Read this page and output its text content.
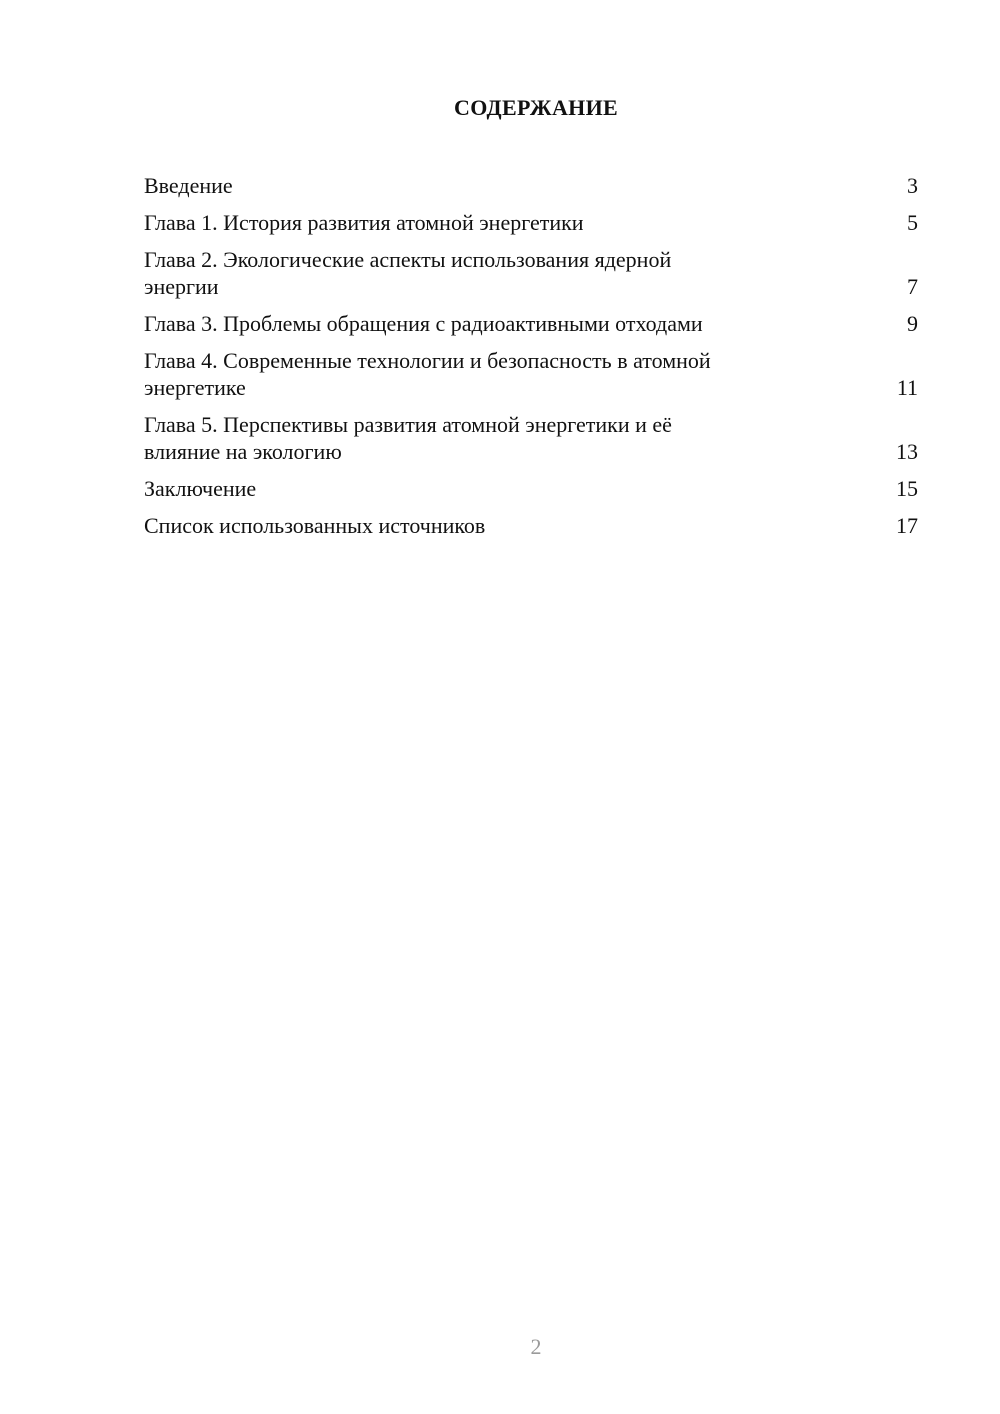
СОДЕРЖАНИЕ
Введение	3
Глава 1. История развития атомной энергетики	5
Глава 2. Экологические аспекты использования ядерной
энергии	7
Глава 3. Проблемы обращения с радиоактивными отходами	9
Глава 4. Современные технологии и безопасность в атомной
энергетике	11
Глава 5. Перспективы развития атомной энергетики и её
влияние на экологию	13
Заключение	15
Список использованных источников	17
2
